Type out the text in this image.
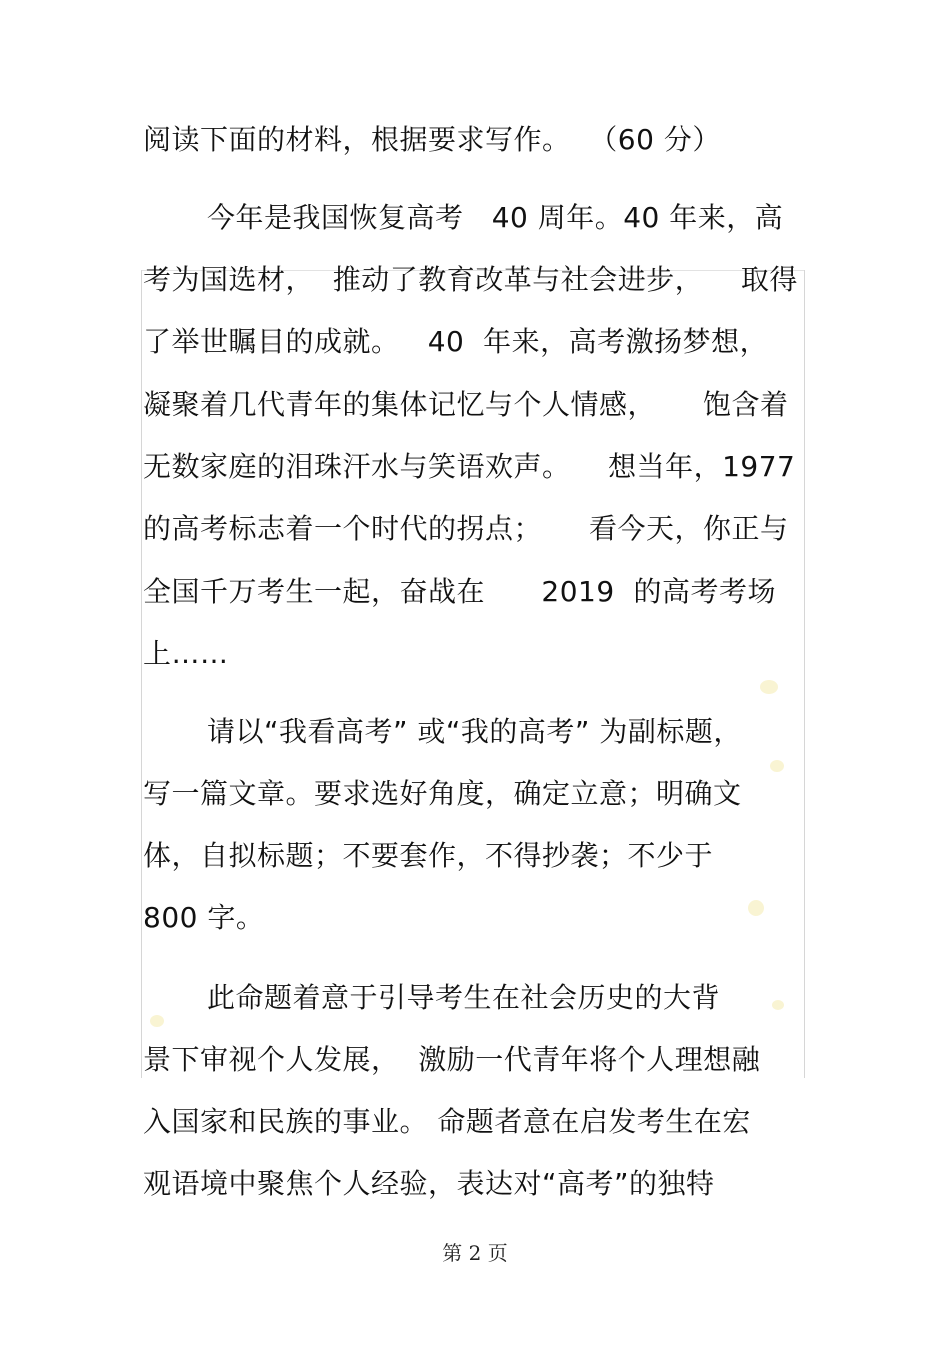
阅读下面的材料，根据要求写作。  （60 分）
今年是我国恢复高考   40 周年。40 年来，高
考为国选材，  推动了教育改革与社会进步，    取得
了举世瞩目的成就。   40  年来，高考激扬梦想，
凝聚着几代青年的集体记忆与个人情感，     饱含着
无数家庭的泪珠汗水与笑语欢声。    想当年，1977
的高考标志着一个时代的拐点；     看今天，你正与
全国千万考生一起，奋战在      2019  的高考考场
上……
请以“我看高考” 或“我的高考” 为副标题，
写一篇文章。要求选好角度，确定立意；明确文
体，自拟标题；不要套作，不得抄袭；不少于
800 字。
此命题着意于引导考生在社会历史的大背
景下审视个人发展，  激励一代青年将个人理想融
入国家和民族的事业。 命题者意在启发考生在宏
观语境中聚焦个人经验，表达对“高考”的独特
第 2 页
